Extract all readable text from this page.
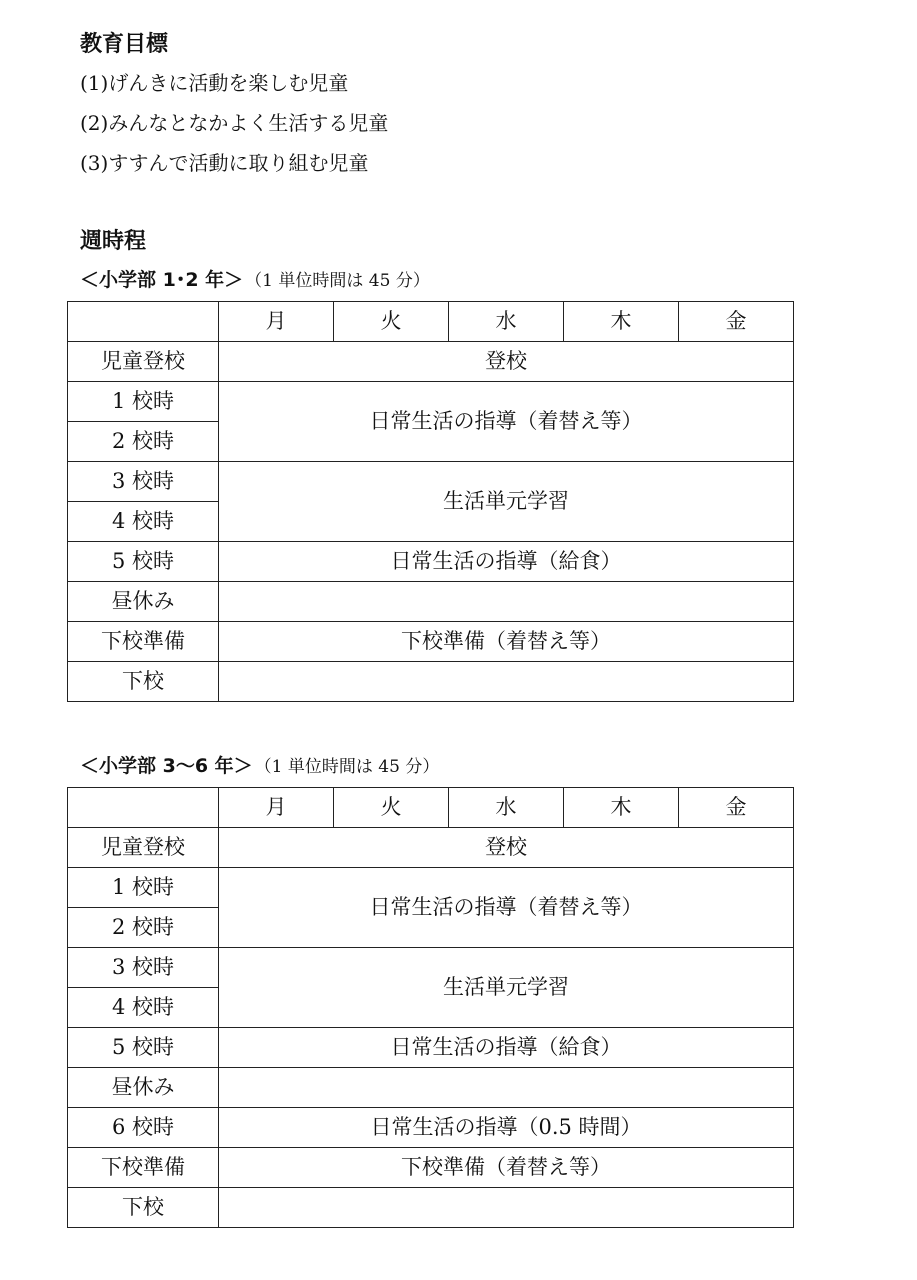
教育目標

(1)げんきに活動を楽しむ児童

(2)みんなとなかよく生活する児童

(3)すすんで活動に取り組む児童

週時程

＜小学部 1･2 年＞ （1 単位時間は 45 分）

	月	火	水	木	金
児童登校	登校				
1 校時	日常生活の指導（着替え等）				
2 校時					
3 校時	生活単元学習				
4 校時					
5 校時	日常生活の指導（給食）				
昼休み					
下校準備	下校準備（着替え等）				
下校					

＜小学部 3～6 年＞ （1 単位時間は 45 分）

	月	火	水	木	金
児童登校	登校				
1 校時	日常生活の指導（着替え等）				
2 校時					
3 校時	生活単元学習				
4 校時					
5 校時	日常生活の指導（給食）				
昼休み					
6 校時	日常生活の指導（0.5 時間）				
下校準備	下校準備（着替え等）				
下校					
